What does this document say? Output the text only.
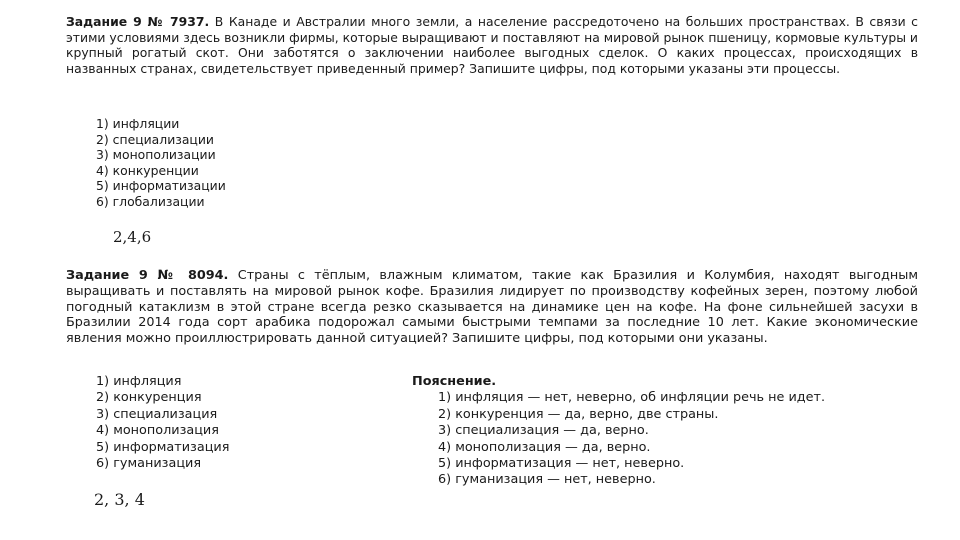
Задание 9 № 7937. В Канаде и Австралии много земли, а население рассредоточено на больших пространствах. В связи с этими условиями здесь возникли фирмы, которые выращивают и поставляют на мировой рынок пшеницу, кормовые культуры и крупный рогатый скот. Они заботятся о заключении наиболее выгодных сделок. О каких процессах, происходящих в названных странах, свидетельствует приведенный пример? Запишите цифры, под которыми указаны эти процессы.
1) инфляции
2) специализации
3) монополизации
4) конкуренции
5) информатизации
6) глобализации
2,4,6
Задание 9 № 8094. Страны с тёплым, влажным климатом, такие как Бразилия и Колумбия, находят выгодным выращивать и поставлять на мировой рынок кофе. Бразилия лидирует по производству кофейных зерен, поэтому любой погодный катаклизм в этой стране всегда резко сказывается на динамике цен на кофе. На фоне сильнейшей засухи в Бразилии 2014 года сорт арабика подорожал самыми быстрыми темпами за последние 10 лет. Какие экономические явления можно проиллюстрировать данной ситуацией? Запишите цифры, под которыми они указаны.
1) инфляция
2) конкуренция
3) специализация
4) монополизация
5) информатизация
6) гуманизация

Пояснение.

1) инфляция — нет, неверно, об инфляции речь не идет.
2) конкуренция — да, верно, две страны.
3) специализация — да, верно.
4) монополизация — да, верно.
5) информатизация — нет, неверно.
6) гуманизация — нет, неверно.
2, 3, 4
